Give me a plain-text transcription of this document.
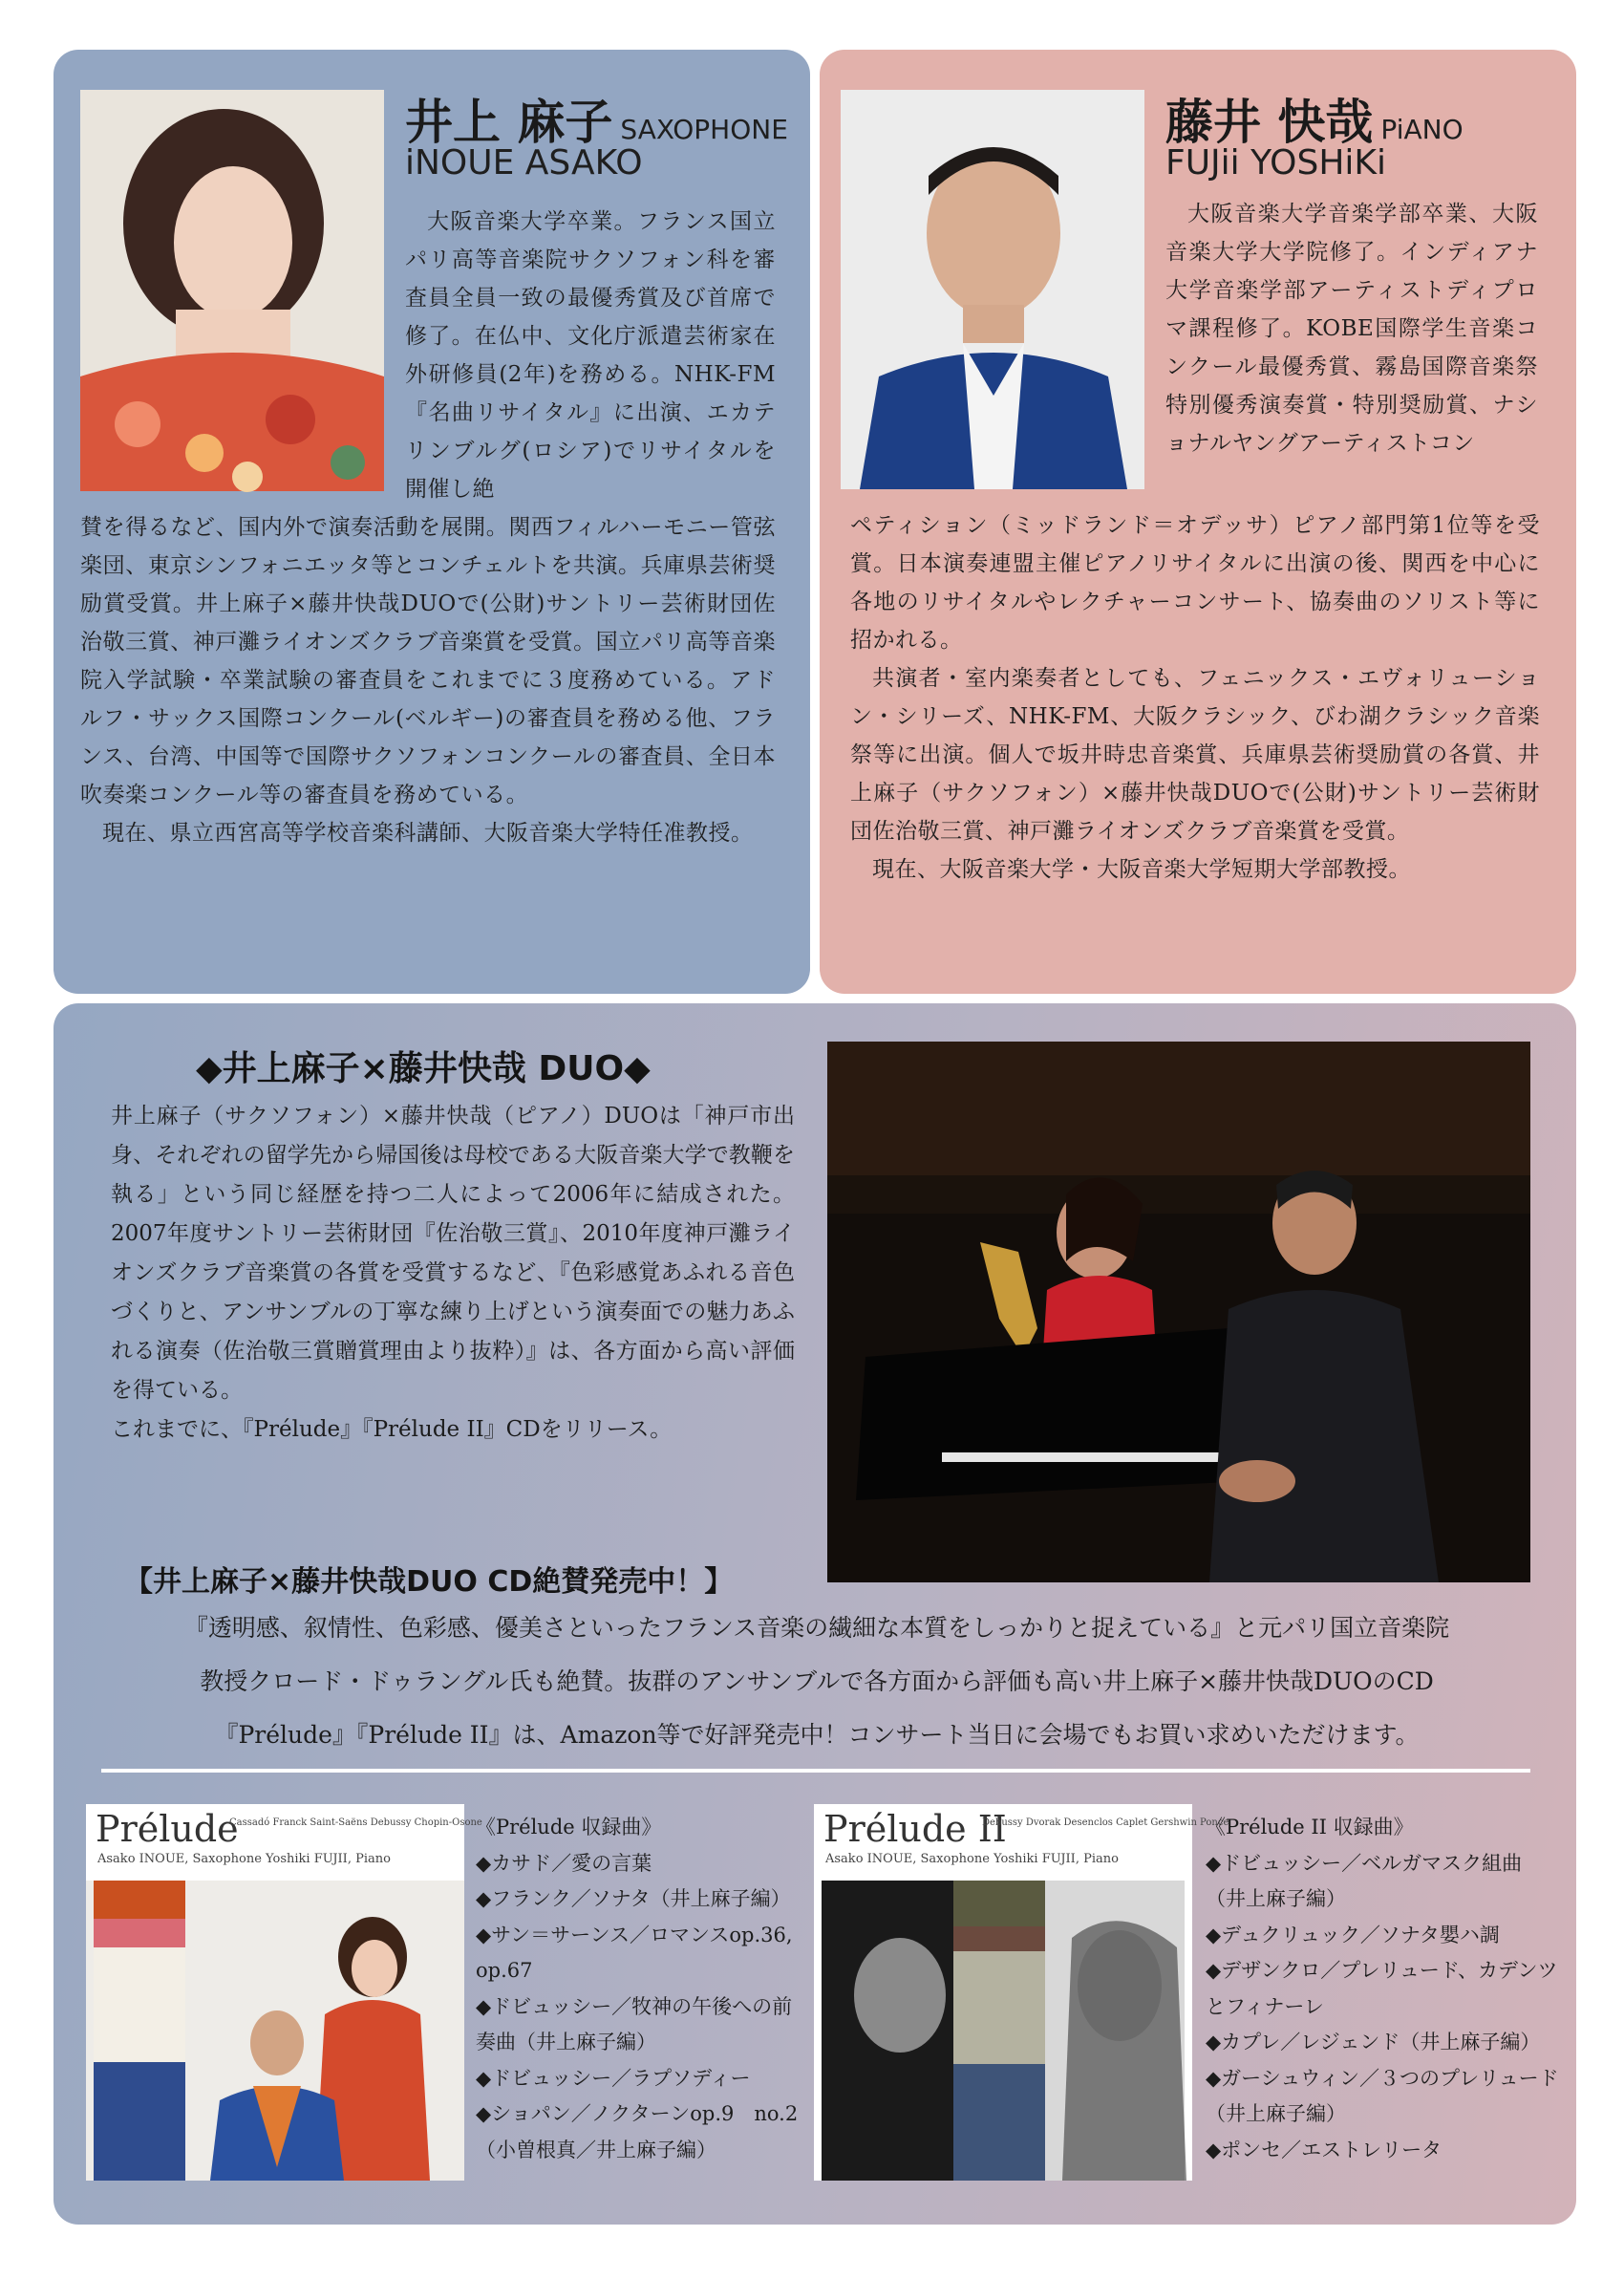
井上 麻子 SAXOPHONE
iNOUE ASAKO

大阪音楽大学卒業。フランス国立パリ高等音楽院サクソフォン科を審査員全員一致の最優秀賞及び首席で修了。在仏中、文化庁派遣芸術家在外研修員(2年)を務める。NHK-FM『名曲リサイタル』に出演、エカテリンブルグ(ロシア)でリサイタルを開催し絶

賛を得るなど、国内外で演奏活動を展開。関西フィルハーモニー管弦楽団、東京シンフォニエッタ等とコンチェルトを共演。兵庫県芸術奨励賞受賞。井上麻子×藤井快哉DUOで(公財)サントリー芸術財団佐治敬三賞、神戸灘ライオンズクラブ音楽賞を受賞。国立パリ高等音楽院入学試験・卒業試験の審査員をこれまでに３度務めている。アドルフ・サックス国際コンクール(ベルギー)の審査員を務める他、フランス、台湾、中国等で国際サクソフォンコンクールの審査員、全日本吹奏楽コンクール等の審査員を務めている。

現在、県立西宮高等学校音楽科講師、大阪音楽大学特任准教授。

藤井 快哉 PiANO
FUJii YOSHiKi

大阪音楽大学音楽学部卒業、大阪音楽大学大学院修了。インディアナ大学音楽学部アーティストディプロマ課程修了。KOBE国際学生音楽コンクール最優秀賞、霧島国際音楽祭特別優秀演奏賞・特別奨励賞、ナショナルヤングアーティストコン

ペティション（ミッドランド＝オデッサ）ピアノ部門第1位等を受賞。日本演奏連盟主催ピアノリサイタルに出演の後、関西を中心に各地のリサイタルやレクチャーコンサート、協奏曲のソリスト等に招かれる。

共演者・室内楽奏者としても、フェニックス・エヴォリューション・シリーズ、NHK-FM、大阪クラシック、びわ湖クラシック音楽祭等に出演。個人で坂井時忠音楽賞、兵庫県芸術奨励賞の各賞、井上麻子（サクソフォン）×藤井快哉DUOで(公財)サントリー芸術財団佐治敬三賞、神戸灘ライオンズクラブ音楽賞を受賞。

現在、大阪音楽大学・大阪音楽大学短期大学部教授。

◆井上麻子×藤井快哉 DUO◆

井上麻子（サクソフォン）×藤井快哉（ピアノ）DUOは「神戸市出身、それぞれの留学先から帰国後は母校である大阪音楽大学で教鞭を執る」という同じ経歴を持つ二人によって2006年に結成された。2007年度サントリー芸術財団『佐治敬三賞』、2010年度神戸灘ライオンズクラブ音楽賞の各賞を受賞するなど、『色彩感覚あふれる音色づくりと、アンサンブルの丁寧な練り上げという演奏面での魅力あふれる演奏（佐治敬三賞贈賞理由より抜粋）』は、各方面から高い評価を得ている。

これまでに、『Prélude』『Prélude II』CDをリリース。

【井上麻子×藤井快哉DUO CD絶賛発売中！】

『透明感、叙情性、色彩感、優美さといったフランス音楽の繊細な本質をしっかりと捉えている』と元パリ国立音楽院

教授クロード・ドゥラングル氏も絶賛。抜群のアンサンブルで各方面から評価も高い井上麻子×藤井快哉DUOのCD

『Prélude』『Prélude II』は、Amazon等で好評発売中！コンサート当日に会場でもお買い求めいただけます。

Prélude
Cassadó Franck Saint-Saëns Debussy Chopin-Osone
Asako INOUE, Saxophone Yoshiki FUJII, Piano
《Prélude 収録曲》
◆カサド／愛の言葉
◆フランク／ソナタ（井上麻子編）
◆サン＝サーンス／ロマンスop.36,
op.67
◆ドビュッシー／牧神の午後への前
奏曲（井上麻子編）
◆ドビュッシー／ラプソディー
◆ショパン／ノクターンop.9　no.2
（小曽根真／井上麻子編）
Prélude II
Debussy Dvorak Desenclos Caplet Gershwin Ponce
Asako INOUE, Saxophone Yoshiki FUJII, Piano
《Prélude II 収録曲》
◆ドビュッシー／ベルガマスク組曲
（井上麻子編）
◆デュクリュック／ソナタ嬰ハ調
◆デザンクロ／プレリュード、カデンツ
とフィナーレ
◆カプレ／レジェンド（井上麻子編）
◆ガーシュウィン／３つのプレリュード
（井上麻子編）
◆ポンセ／エストレリータ
